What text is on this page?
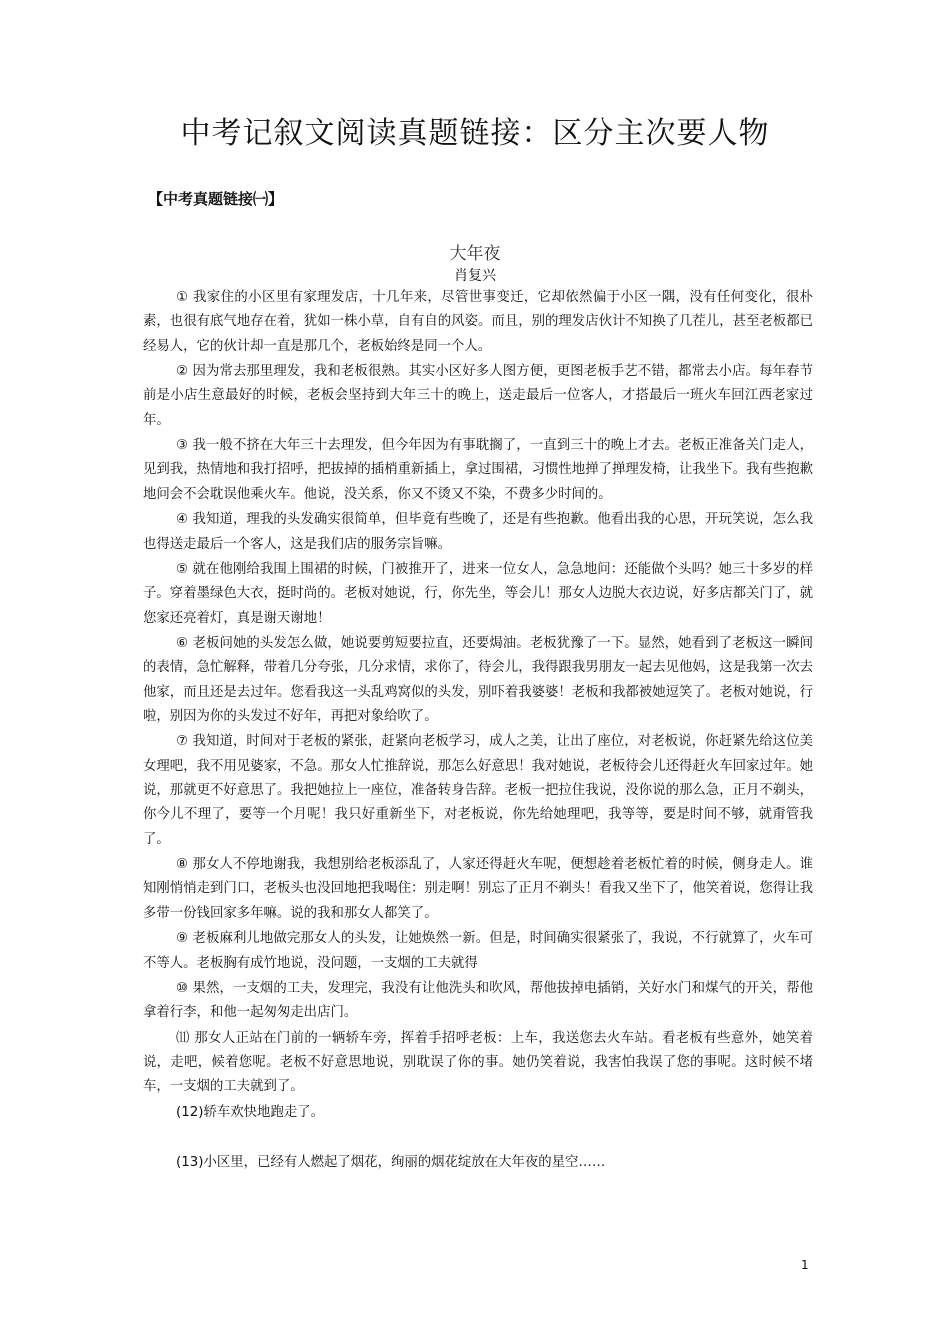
中考记叙文阅读真题链接：区分主次要人物
【中考真题链接㈠】
大年夜
肖复兴

① 我家住的小区里有家理发店，十几年来，尽管世事变迁，它却依然偏于小区一隅，没有任何变化，很朴素，也很有底气地存在着，犹如一株小草，自有自的风姿。而且，别的理发店伙计不知换了几茬儿，甚至老板都已经易人，它的伙计却一直是那几个，老板始终是同一个人。

② 因为常去那里理发，我和老板很熟。其实小区好多人图方便，更图老板手艺不错，都常去小店。每年春节前是小店生意最好的时候，老板会坚持到大年三十的晚上，送走最后一位客人，才搭最后一班火车回江西老家过年。

③ 我一般不挤在大年三十去理发，但今年因为有事耽搁了，一直到三十的晚上才去。老板正准备关门走人，见到我，热情地和我打招呼，把拔掉的插梢重新插上，拿过围裙，习惯性地掸了掸理发椅，让我坐下。我有些抱歉地问会不会耽误他乘火车。他说，没关系，你又不烫又不染，不费多少时间的。

④ 我知道，理我的头发确实很简单，但毕竟有些晚了，还是有些抱歉。他看出我的心思，开玩笑说，怎么我也得送走最后一个客人，这是我们店的服务宗旨嘛。

⑤ 就在他刚给我围上围裙的时候，门被推开了，进来一位女人，急急地问：还能做个头吗？她三十多岁的样子。穿着墨绿色大衣，挺时尚的。老板对她说，行，你先坐，等会儿！那女人边脱大衣边说，好多店都关门了，就您家还亮着灯，真是谢天谢地！

⑥ 老板问她的头发怎么做，她说要剪短要拉直，还要焗油。老板犹豫了一下。显然，她看到了老板这一瞬间的表情，急忙解释，带着几分夸张，几分求情，求你了，待会儿，我得跟我男朋友一起去见他妈，这是我第一次去他家，而且还是去过年。您看我这一头乱鸡窝似的头发，别吓着我婆婆！老板和我都被她逗笑了。老板对她说，行啦，别因为你的头发过不好年，再把对象给吹了。

⑦ 我知道，时间对于老板的紧张，赶紧向老板学习，成人之美，让出了座位，对老板说，你赶紧先给这位美女理吧，我不用见婆家，不急。那女人忙推辞说，那怎么好意思！我对她说，老板待会儿还得赶火车回家过年。她说，那就更不好意思了。我把她拉上一座位，准备转身告辞。老板一把拉住我说，没你说的那么急，正月不剃头，你今儿不理了，要等一个月呢！我只好重新坐下，对老板说，你先给她理吧，我等等，要是时间不够，就甭管我了。

⑧ 那女人不停地谢我，我想别给老板添乱了，人家还得赶火车呢，便想趁着老板忙着的时候，侧身走人。谁知刚悄悄走到门口，老板头也没回地把我喝住：别走啊！别忘了正月不剃头！看我又坐下了，他笑着说，您得让我多带一份钱回家多年嘛。说的我和那女人都笑了。

⑨ 老板麻利儿地做完那女人的头发，让她焕然一新。但是，时间确实很紧张了，我说，不行就算了，火车可不等人。老板胸有成竹地说，没问题，一支烟的工夫就得

⑩ 果然，一支烟的工夫，发理完，我没有让他洗头和吹风，帮他拔掉电插销，关好水门和煤气的开关，帮他拿着行李，和他一起匆匆走出店门。

⑾ 那女人正站在门前的一辆轿车旁，挥着手招呼老板：上车，我送您去火车站。看老板有些意外，她笑着说，走吧，候着您呢。老板不好意思地说，别耽误了你的事。她仍笑着说，我害怕我误了您的事呢。这时候不堵车，一支烟的工夫就到了。

(12)轿车欢快地跑走了。

(13)小区里，已经有人燃起了烟花，绚丽的烟花绽放在大年夜的星空……

1
